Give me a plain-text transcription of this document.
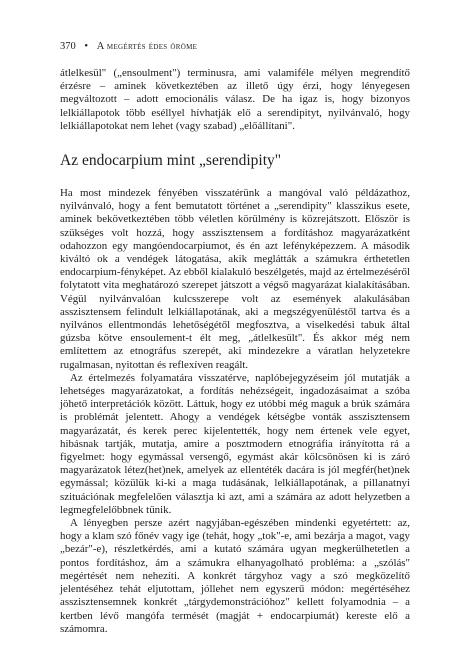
370 • A megértés édes öröme

átlelkesül" („ensoulment") terminusra, ami valamiféle mélyen megrendítő érzésre – aminek következtében az illető úgy érzi, hogy lényegesen megváltozott – adott emocionális válasz. De ha igaz is, hogy bizonyos lelkiállapotok több eséllyel hívhatják elő a serendipityt, nyilvánvaló, hogy lelkiállapotokat nem lehet (vagy szabad) „előállítani".

Az endocarpium mint „serendipity"

Ha most mindezek fényében visszatérünk a mangóval való példázathoz, nyilvánvaló, hogy a fent bemutatott történet a „serendipity" klasszikus esete, aminek bekövetkeztében több véletlen körülmény is közrejátszott. Először is szükséges volt hozzá, hogy asszisztensem a fordításhoz magyarázatként odahozzon egy mangóendocarpiumot, és én azt lefényképezzem. A második kiváltó ok a vendégek látogatása, akik meglátták a számukra érthetetlen endocarpium-fényképet. Az ebből kialakuló beszélgetés, majd az értelmezéséről folytatott vita meghatározó szerepet játszott a végső magyarázat kialakításában. Végül nyilvánvalóan kulcsszerepe volt az események alakulásában asszisztensem felindult lelkiállapotának, aki a megszégyenüléstől tartva és a nyilvános ellentmondás lehetőségétől megfosztva, a viselkedési tabuk által gúzsba kötve ensoulement-t élt meg, „átlelkesült". És akkor még nem említettem az etnográfus szerepét, aki mindezekre a váratlan helyzetekre rugalmasan, nyitottan és reflexíven reagált.

Az értelmezés folyamatára visszatérve, naplóbejegyzéseim jól mutatják a lehetséges magyarázatokat, a fordítás nehézségeit, ingadozásaimat a szóba jöhető interpretációk között. Láttuk, hogy ez utóbbi még maguk a brúk számára is problémát jelentett. Ahogy a vendégek kétségbe vonták asszisztensem magyarázatát, és kerek perec kijelentették, hogy nem értenek vele egyet, hibásnak tartják, mutatja, amire a posztmodern etnográfia irányította rá a figyelmet: hogy egymással versengő, egymást akár kölcsönösen ki is záró magyarázatok létez(het)nek, amelyek az ellentéték dacára is jól megfér(het)nek egymással; közülük ki-ki a maga tudásának, lelkiállapotának, a pillanatnyi szituációnak megfelelően választja ki azt, ami a számára az adott helyzetben a legmegfelelőbbnek tűnik.

A lényegben persze azért nagyjában-egészében mindenki egyetértett: az, hogy a klam szó főnév vagy ige (tehát, hogy „tok"-e, ami bezárja a magot, vagy „bezár"-e), részletkérdés, ami a kutató számára ugyan megkerülhetetlen a pontos fordításhoz, ám a számukra elhanyagolható probléma: a „szólás" megértését nem nehezíti. A konkrét tárgyhoz vagy a szó megközelítő jelentéséhez tehát eljutottam, jóllehet nem egyszerű módon: megértéséhez asszisztensemnek konkrét „tárgydemonstrációhoz" kellett folyamodnia – a kertben lévő mangófa termését (magját + endocarpiumát) kereste elő a számomra.
